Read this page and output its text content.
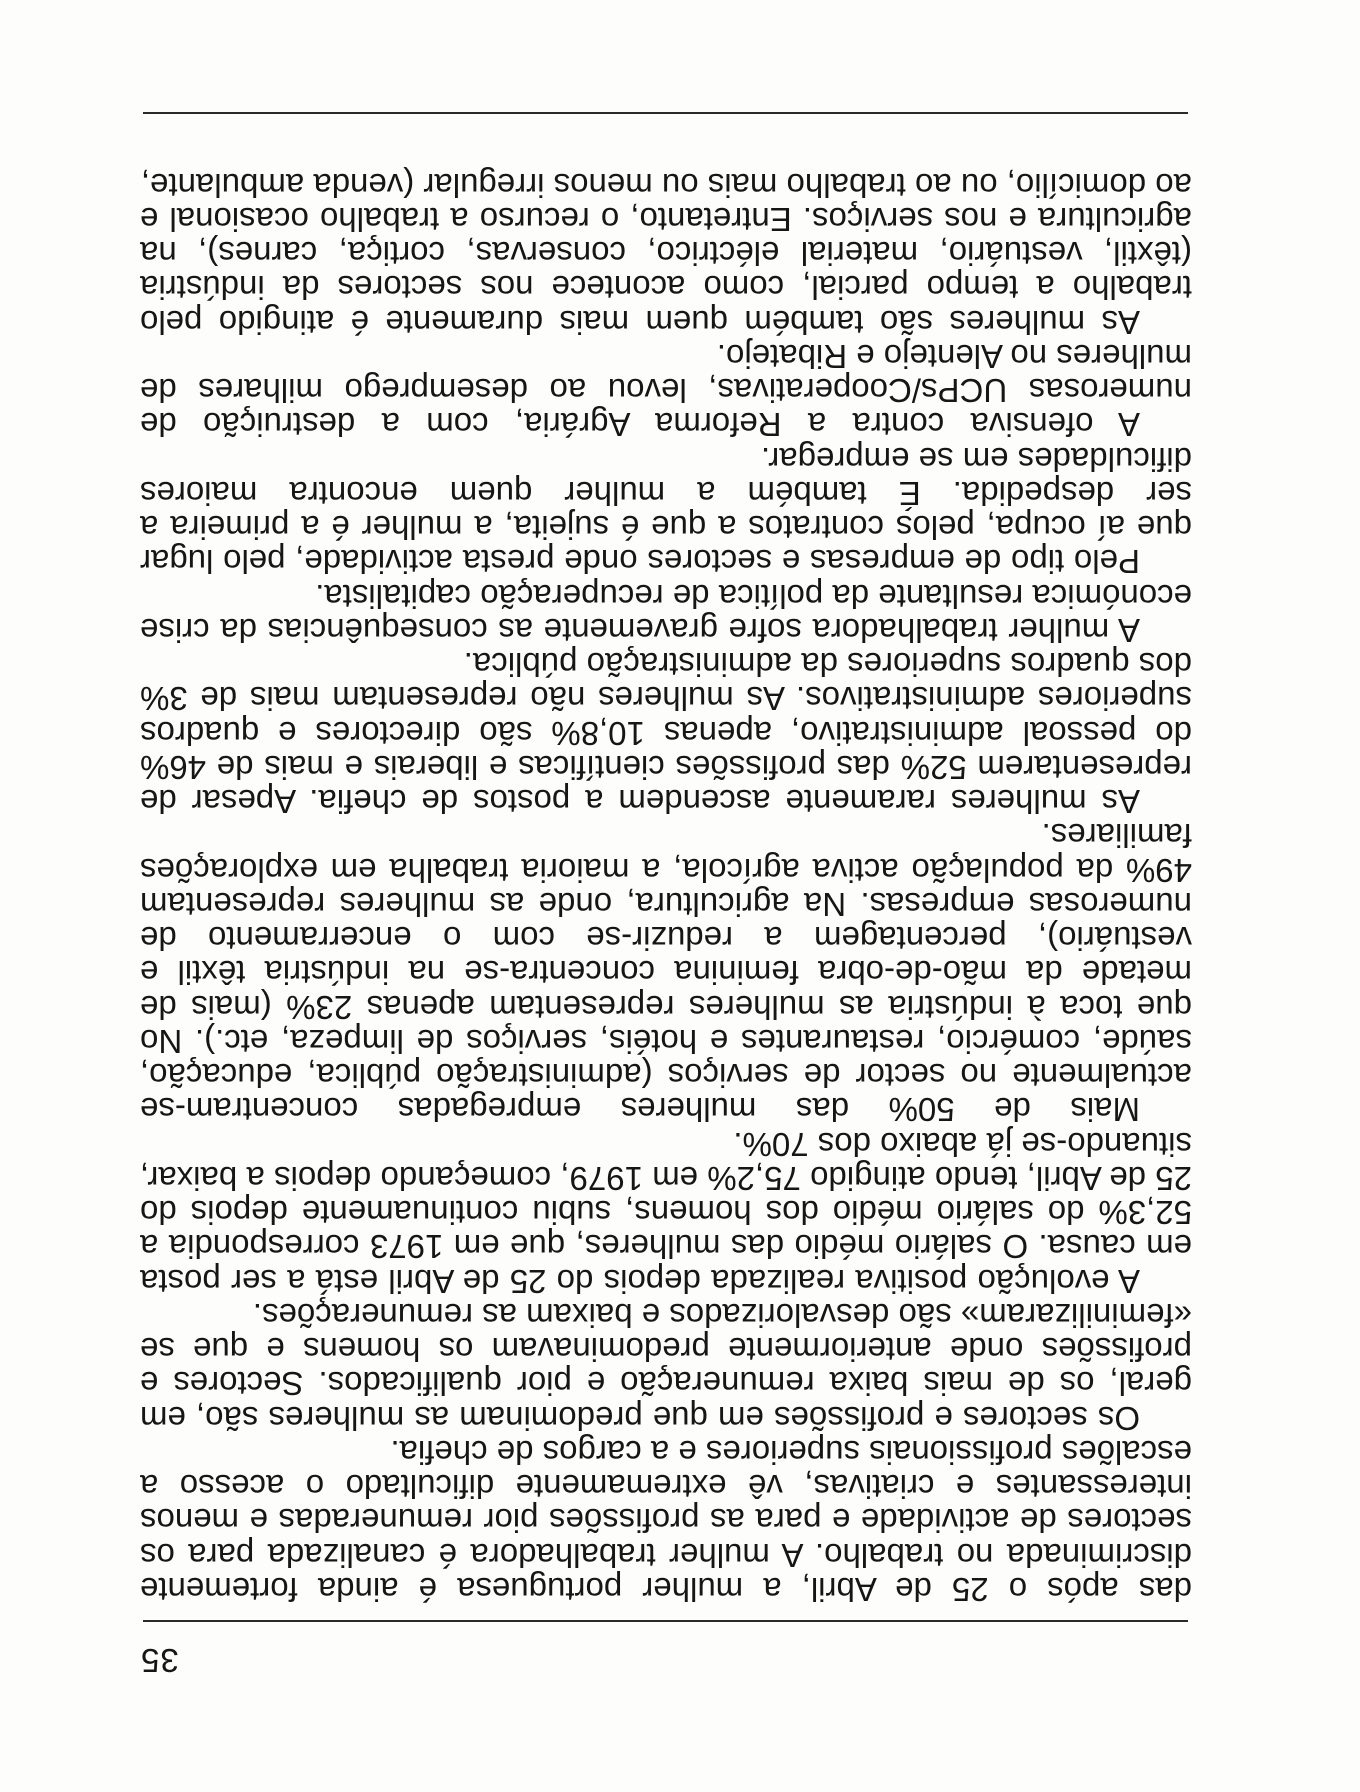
35

das após o 25 de Abril, a mulher portuguesa é ainda fortemente discriminada no trabalho. A mulher trabalhadora é canalizada para os sectores de actividade e para as profissões pior remuneradas e menos interessantes e criativas, vê extremamente dificultado o acesso a escalões profissionais superiores e a cargos de chefia.

Os sectores e profissões em que predominam as mulheres são, em geral, os de mais baixa remuneração e pior qualificados. Sectores e profissões onde anteriormente predominavam os homens e que se «feminilizaram» são desvalorizados e baixam as remunerações.

A evolução positiva realizada depois do 25 de Abril está a ser posta em causa. O salário médio das mulheres, que em 1973 correspondia a 52,3% do salário médio dos homens, subiu continuamente depois do 25 de Abril, tendo atingido 75,2% em 1979, começando depois a baixar, situando-se já abaixo dos 70%.

Mais de 50% das mulheres empregadas concentram-se actualmente no sector de serviços (administração pública, educação, saúde, comércio, restaurantes e hotéis, serviços de limpeza, etc.). No que toca à indústria as mulheres representam apenas 23% (mais de metade da mão-de-obra feminina concentra-se na indústria têxtil e vestuário), percentagem a reduzir-se com o encerramento de numerosas empresas. Na agricultura, onde as mulheres representam 49% da população activa agrícola, a maioria trabalha em explorações familiares.

As mulheres raramente ascendem a postos de chefia. Apesar de representarem 52% das profissões científicas e liberais e mais de 46% do pessoal administrativo, apenas 10,8% são directores e quadros superiores administrativos. As mulheres não representam mais de 3% dos quadros superiores da administração pública.

A mulher trabalhadora sofre gravemente as consequências da crise económica resultante da política de recuperação capitalista.

Pelo tipo de empresas e sectores onde presta actividade, pelo lugar que aí ocupa, pelos contratos a que é sujeita, a mulher é a primeira a ser despedida. É também a mulher quem encontra maiores dificuldades em se empregar.

A ofensiva contra a Reforma Agrária, com a destruição de numerosas UCPs/Cooperativas, levou ao desemprego milhares de mulheres no Alentejo e Ribatejo.

As mulheres são também quem mais duramente é atingido pelo trabalho a tempo parcial, como acontece nos sectores da indústria (têxtil, vestuário, material eléctrico, conservas, cortiça, carnes), na agricultura e nos serviços. Entretanto, o recurso a trabalho ocasional e ao domicílio, ou ao trabalho mais ou menos irregular (venda ambulante,
